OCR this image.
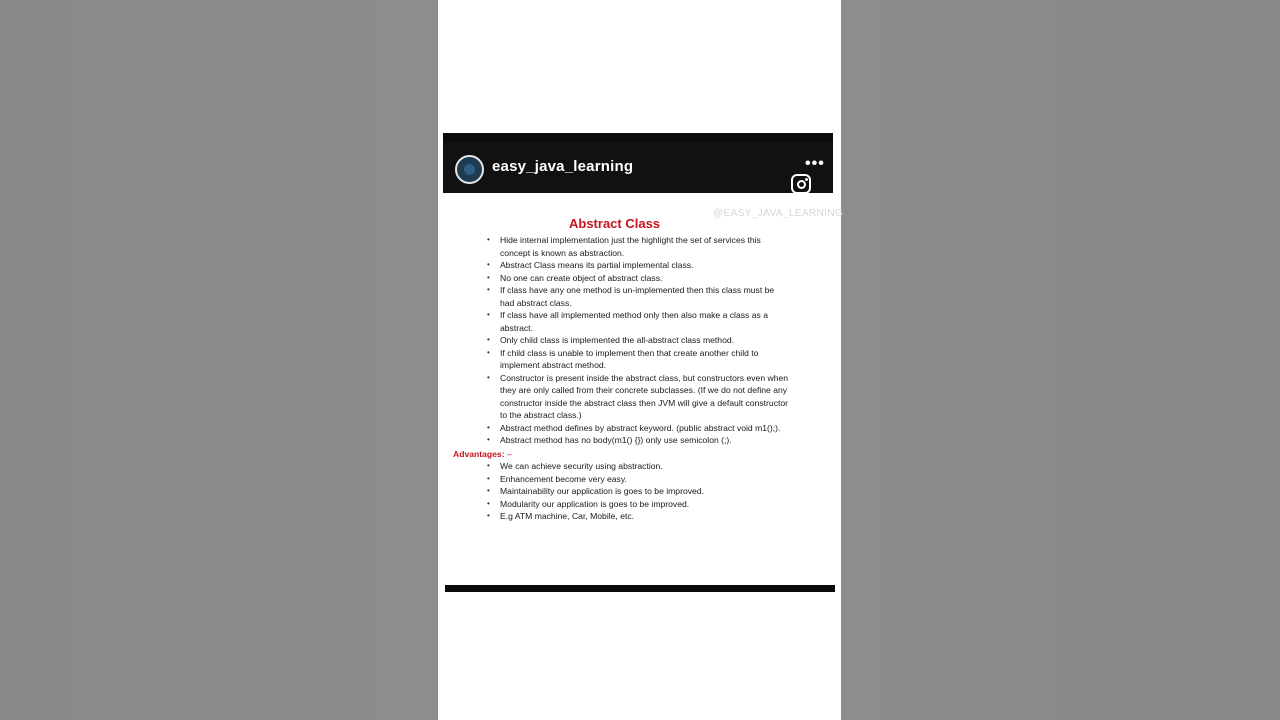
easy_java_learning	•••
@EASY_JAVA_LEARNING
Abstract Class
• Hide internal implementation just the highlight the set of services this concept is known as abstraction.
• Abstract Class means its partial implemental class.
• No one can create object of abstract class.
• If class have any one method is un-implemented then this class must be had abstract class.
• If class have all implemented method only then also make a class as a abstract.
• Only child class is implemented the all-abstract class method.
• If child class is unable to implement then that create another child to implement abstract method.
• Constructor is present inside the abstract class, but constructors even when they are only called from their concrete subclasses. (If we do not define any constructor inside the abstract class then JVM will give a default constructor to the abstract class.)
• Abstract method defines by abstract keyword. (public abstract void m1();).
• Abstract method has no body(m1() {}) only use semicolon (;).
Advantages: –
• We can achieve security using abstraction.
• Enhancement become very easy.
• Maintainability our application is goes to be improved.
• Modularity our application is goes to be improved.
• E.g ATM machine, Car, Mobile, etc.
